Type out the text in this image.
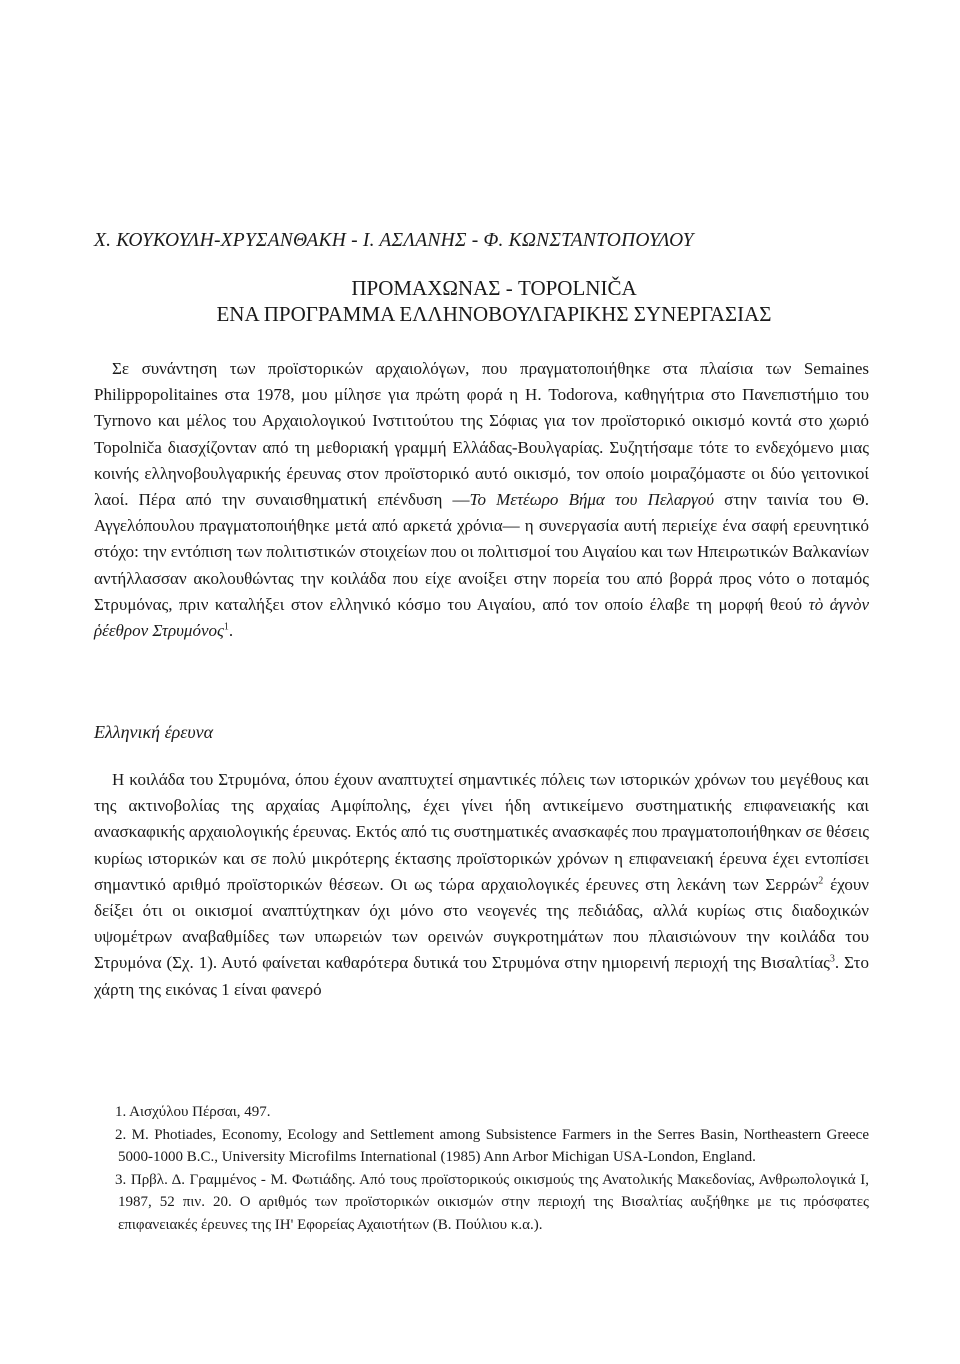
Χ. ΚΟΥΚΟΥΛΗ-ΧΡΥΣΑΝΘΑΚΗ - Ι. ΑΣΛΑΝΗΣ - Φ. ΚΩΝΣΤΑΝΤΟΠΟΥΛΟΥ
ΠΡΟΜΑΧΩΝΑΣ - TOPOLNIČA
ΕΝΑ ΠΡΟΓΡΑΜΜΑ ΕΛΛΗΝΟΒΟΥΛΓΑΡΙΚΗΣ ΣΥΝΕΡΓΑΣΙΑΣ
Σε συνάντηση των προϊστορικών αρχαιολόγων, που πραγματοποιήθηκε στα πλαίσια των Semaines Philippopolitaines στα 1978, μου μίλησε για πρώτη φορά η Η. Todorova, καθηγήτρια στο Πανεπιστήμιο του Tyrnovo και μέλος του Αρχαιολογικού Ινστιτούτου της Σόφιας για τον προϊστορικό οικισμό κοντά στο χωριό Topolniča διασχίζονταν από τη μεθοριακή γραμμή Ελλάδας-Βουλγαρίας. Συζητήσαμε τότε το ενδεχόμενο μιας κοινής ελληνοβουλγαρικής έρευνας στον προϊστορικό αυτό οικισμό, τον οποίο μοιραζόμαστε οι δύο γειτονικοί λαοί. Πέρα από την συναισθηματική επένδυση —Το Μετέωρο Βήμα του Πελαργού στην ταινία του Θ. Αγγελόπουλου πραγματοποιήθηκε μετά από αρκετά χρόνια— η συνεργασία αυτή περιείχε ένα σαφή ερευνητικό στόχο: την εντόπιση των πολιτιστικών στοιχείων που οι πολιτισμοί του Αιγαίου και των Ηπειρωτικών Βαλκανίων αντήλλασσαν ακολουθώντας την κοιλάδα που είχε ανοίξει στην πορεία του από βορρά προς νότο ο ποταμός Στρυμόνας, πριν καταλήξει στον ελληνικό κόσμο του Αιγαίου, από τον οποίο έλαβε τη μορφή θεού τὸ ἁγνὸν ῥέεθρον Στρυμόνος$^1$.
Ελληνική έρευνα
Η κοιλάδα του Στρυμόνα, όπου έχουν αναπτυχτεί σημαντικές πόλεις των ιστορικών χρόνων του μεγέθους και της ακτινοβολίας της αρχαίας Αμφίπολης, έχει γίνει ήδη αντικείμενο συστηματικής επιφανειακής και ανασκαφικής αρχαιολογικής έρευνας. Εκτός από τις συστηματικές ανασκαφές που πραγματοποιήθηκαν σε θέσεις κυρίως ιστορικών και σε πολύ μικρότερης έκτασης προϊστορικών χρόνων η επιφανειακή έρευνα έχει εντοπίσει σημαντικό αριθμό προϊστορικών θέσεων. Οι ως τώρα αρχαιολογικές έρευνες στη λεκάνη των Σερρών$^2$ έχουν δείξει ότι οι οικισμοί αναπτύχτηκαν όχι μόνο στο νεογενές της πεδιάδας, αλλά κυρίως στις διαδοχικών υψομέτρων αναβαθμίδες των υπωρειών των ορεινών συγκροτημάτων που πλαισιώνουν την κοιλάδα του Στρυμόνα (Σχ. 1). Αυτό φαίνεται καθαρότερα δυτικά του Στρυμόνα στην ημιορεινή περιοχή της Βισαλτίας$^3$. Στο χάρτη της εικόνας 1 είναι φανερό

1. Αισχύλου Πέρσαι, 497.

2. M. Photiades, Economy, Ecology and Settlement among Subsistence Farmers in the Serres Basin, Northeastern Greece 5000-1000 B.C., University Microfilms International (1985) Ann Arbor Michigan USA-London, England.

3. Πρβλ. Δ. Γραμμένος - Μ. Φωτιάδης. Από τους προϊστορικούς οικισμούς της Ανατολικής Μακεδονίας, Ανθρωπολογικά Ι, 1987, 52 πιν. 20. Ο αριθμός των προϊστορικών οικισμών στην περιοχή της Βισαλτίας αυξήθηκε με τις πρόσφατες επιφανειακές έρευνες της ΙΗ' Εφορείας Αχαιοτήτων (Β. Πούλιου κ.α.).
